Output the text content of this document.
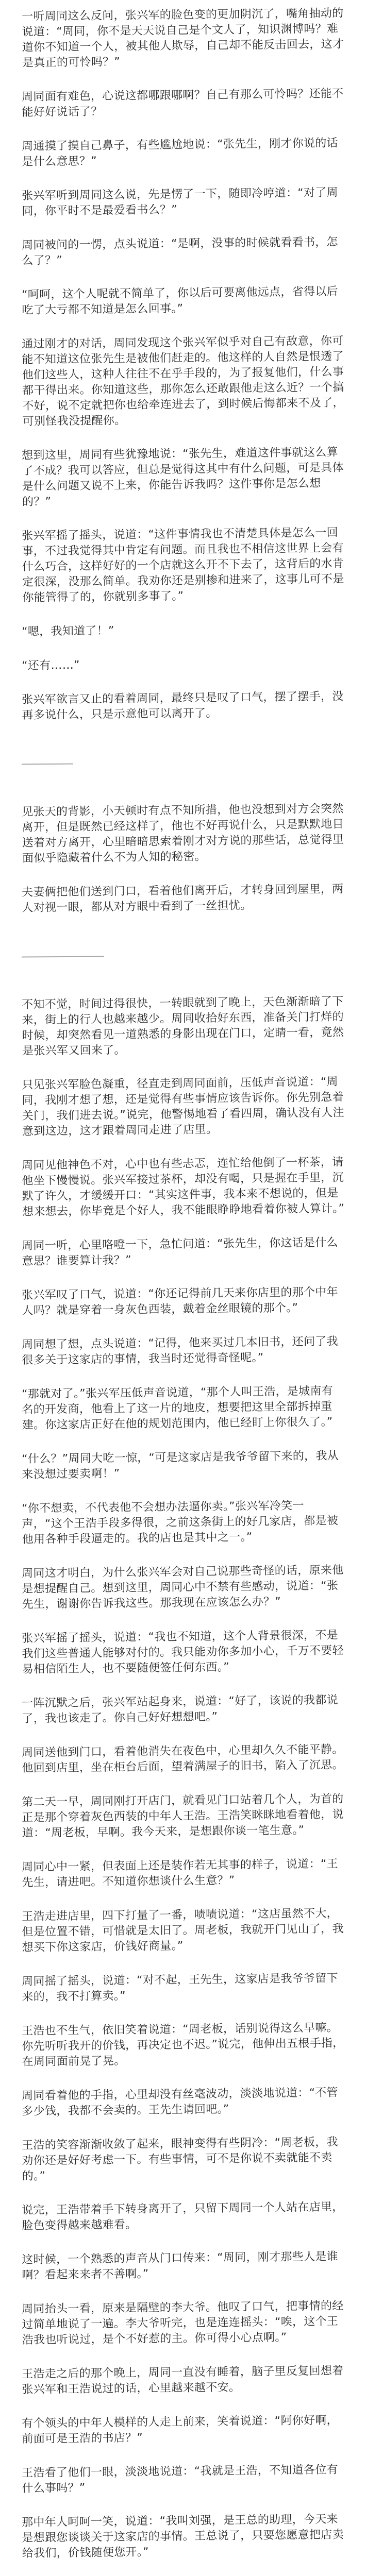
一听周同这么反问，张兴军的脸色变的更加阴沉了，嘴角抽动的说道：“周同，你不是天天说自己是个文人了，知识渊博吗？难道你不知道一个人，被其他人欺辱，自己却不能反击回去，这才是真正的可怜吗？”

周同面有难色，心说这都哪跟哪啊？自己有那么可怜吗？还能不能好好说话了？

周通摸了摸自己鼻子，有些尴尬地说：“张先生，刚才你说的话是什么意思？”

张兴军听到周同这么说，先是愣了一下，随即冷哼道：“对了周同，你平时不是最爱看书么？”

周同被问的一愣，点头说道：“是啊，没事的时候就看看书，怎么了？”

“呵呵，这个人呢就不简单了，你以后可要离他远点，省得以后吃了大亏都不知道是怎么回事。”

通过刚才的对话，周同发现这个张兴军似乎对自己有敌意，你可能不知道这位张先生是被他们赶走的。他这样的人自然是恨透了他们这些人，这种人往往不在乎手段的，为了报复他们，什么事都干得出来。你知道这些，那你怎么还敢跟他走这么近？一个搞不好，说不定就把你也给牵连进去了，到时候后悔都来不及了，可别怪我没提醒你。

想到这里，周同有些犹豫地说：“张先生，难道这件事就这么算了不成？我可以答应，但总是觉得这其中有什么问题，可是具体是什么问题又说不上来，你能告诉我吗？这件事你是怎么想的？”

张兴军摇了摇头，说道：“这件事情我也不清楚具体是怎么一回事，不过我觉得其中肯定有问题。而且我也不相信这世界上会有什么巧合，这样好好的一个店就这么开不下去了，这背后的水肯定很深，没那么简单。我劝你还是别掺和进来了，这事儿可不是你能管得了的，你就别多事了。”

“嗯，我知道了！”

“还有……”

张兴军欲言又止的看着周同，最终只是叹了口气，摆了摆手，没再多说什么，只是示意他可以离开了。

见张天的背影，小天顿时有点不知所措，他也没想到对方会突然离开，但是既然已经这样了，他也不好再说什么，只是默默地目送着对方离开，心里暗暗思索着刚才对方说的那些话，总觉得里面似乎隐藏着什么不为人知的秘密。

夫妻俩把他们送到门口，看着他们离开后，才转身回到屋里，两人对视一眼，都从对方眼中看到了一丝担忧。

不知不觉，时间过得很快，一转眼就到了晚上，天色渐渐暗了下来，街上的行人也越来越少。周同收拾好东西，准备关门打烊的时候，却突然看见一道熟悉的身影出现在门口，定睛一看，竟然是张兴军又回来了。

只见张兴军脸色凝重，径直走到周同面前，压低声音说道：“周同，我刚才想了想，还是觉得有些事情应该告诉你。你先别急着关门，我们进去说。”说完，他警惕地看了看四周，确认没有人注意到这边，这才跟着周同走进了店里。

周同见他神色不对，心中也有些忐忑，连忙给他倒了一杯茶，请他坐下慢慢说。张兴军接过茶杯，却没有喝，只是握在手里，沉默了许久，才缓缓开口：“其实这件事，我本来不想说的，但是想来想去，你毕竟是个好人，我不能眼睁睁地看着你被人算计。”

周同一听，心里咯噔一下，急忙问道：“张先生，你这话是什么意思？谁要算计我？”

张兴军叹了口气，说道：“你还记得前几天来你店里的那个中年人吗？就是穿着一身灰色西装，戴着金丝眼镜的那个。”

周同想了想，点头说道：“记得，他来买过几本旧书，还问了我很多关于这家店的事情，我当时还觉得奇怪呢。”

“那就对了。”张兴军压低声音说道，“那个人叫王浩，是城南有名的开发商，他看上了这一片的地皮，想要把这里全部拆掉重建。你这家店正好在他的规划范围内，他已经盯上你很久了。”

“什么？”周同大吃一惊，“可是这家店是我爷爷留下来的，我从来没想过要卖啊！”

“你不想卖，不代表他不会想办法逼你卖。”张兴军冷笑一声，“这个王浩手段多得很，之前这条街上的好几家店，都是被他用各种手段逼走的。我的店也是其中之一。”

周同这才明白，为什么张兴军会对自己说那些奇怪的话，原来他是想提醒自己。想到这里，周同心中不禁有些感动，说道：“张先生，谢谢你告诉我这些。那我现在应该怎么办？”

张兴军摇了摇头，说道：“我也不知道，这个人背景很深，不是我们这些普通人能够对付的。我只能劝你多加小心，千万不要轻易相信陌生人，也不要随便签任何东西。”

一阵沉默之后，张兴军站起身来，说道：“好了，该说的我都说了，我也该走了。你自己好好想想吧。”

周同送他到门口，看着他消失在夜色中，心里却久久不能平静。他回到店里，坐在柜台后面，望着满屋子的旧书，陷入了沉思。

第二天一早，周同刚打开店门，就看见门口站着几个人，为首的正是那个穿着灰色西装的中年人王浩。王浩笑眯眯地看着他，说道：“周老板，早啊。我今天来，是想跟你谈一笔生意。”

周同心中一紧，但表面上还是装作若无其事的样子，说道：“王先生，请进吧。不知道你想谈什么生意？”

王浩走进店里，四下打量了一番，啧啧说道：“这店虽然不大，但是位置不错，可惜就是太旧了。周老板，我就开门见山了，我想买下你这家店，价钱好商量。”

周同摇了摇头，说道：“对不起，王先生，这家店是我爷爷留下来的，我不打算卖。”

王浩也不生气，依旧笑着说道：“周老板，话别说得这么早嘛。你先听听我开的价钱，再决定也不迟。”说完，他伸出五根手指，在周同面前晃了晃。

周同看着他的手指，心里却没有丝毫波动，淡淡地说道：“不管多少钱，我都不会卖的。王先生请回吧。”

王浩的笑容渐渐收敛了起来，眼神变得有些阴冷：“周老板，我劝你还是好好考虑一下。有些事情，可不是你说不卖就能不卖的。”

说完，王浩带着手下转身离开了，只留下周同一个人站在店里，脸色变得越来越难看。

这时候，一个熟悉的声音从门口传来：“周同，刚才那些人是谁啊？看起来来者不善啊。”

周同抬头一看，原来是隔壁的李大爷。他叹了口气，把事情的经过简单地说了一遍。李大爷听完，也是连连摇头：“唉，这个王浩我也听说过，是个不好惹的主。你可得小心点啊。”

王浩走之后的那个晚上，周同一直没有睡着，脑子里反复回想着张兴军和王浩说过的话，心里越来越不安。

有个领头的中年人模样的人走上前来，笑着说道：“阿你好啊，前面可是王浩的书店？”

王浩看了他们一眼，淡淡地说道：“我就是王浩，不知道各位有什么事吗？”

那中年人呵呵一笑，说道：“我叫刘强，是王总的助理，今天来是想跟您谈谈关于这家店的事情。王总说了，只要您愿意把店卖给我们，价钱随便您开。”
